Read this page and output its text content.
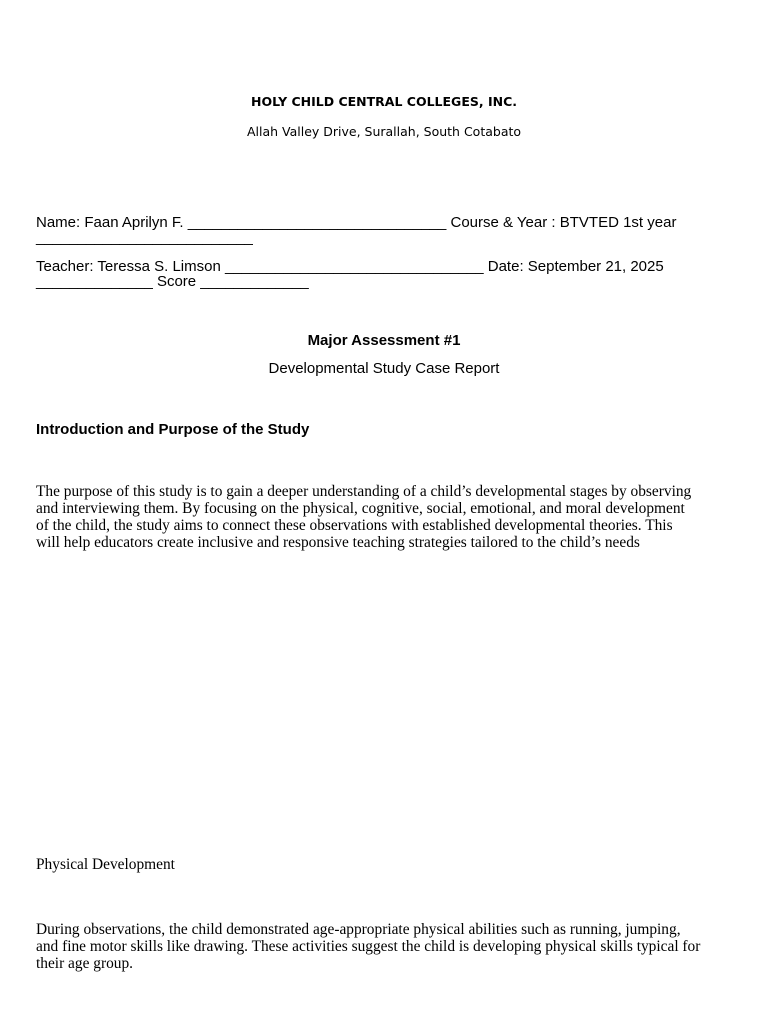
HOLY CHILD CENTRAL COLLEGES, INC.
Allah Valley Drive, Surallah, South Cotabato
Name: Faan Aprilyn F. _______________________________ Course & Year : BTVTED 1st year
__________________________
Teacher: Teressa S. Limson _______________________________ Date: September 21, 2025
______________ Score _____________
Major Assessment #1
Developmental Study Case Report
Introduction and Purpose of the Study
The purpose of this study is to gain a deeper understanding of a child’s developmental stages by observing
and interviewing them. By focusing on the physical, cognitive, social, emotional, and moral development
of the child, the study aims to connect these observations with established developmental theories. This
will help educators create inclusive and responsive teaching strategies tailored to the child’s needs
Physical Development
During observations, the child demonstrated age-appropriate physical abilities such as running, jumping,
and fine motor skills like drawing. These activities suggest the child is developing physical skills typical for
their age group.
